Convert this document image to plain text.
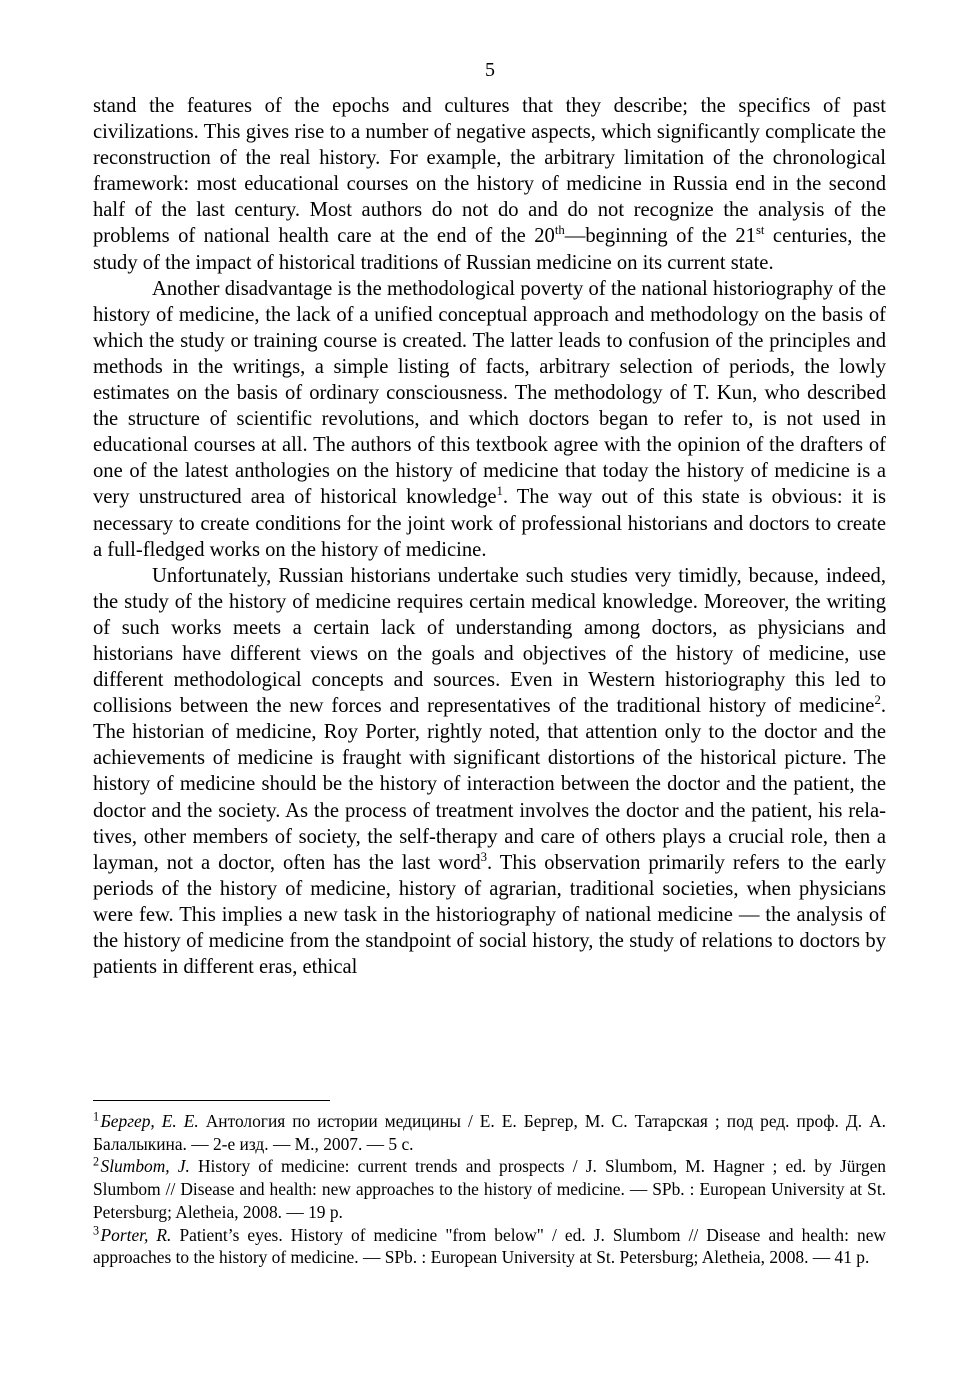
5

stand the features of the epochs and cultures that they describe; the specifics of past civilizations. This gives rise to a number of negative aspects, which significantly complicate the reconstruction of the real history. For example, the arbitrary limitation of the chronological framework: most educational courses on the history of medicine in Russia end in the second half of the last century. Most authors do not do and do not recognize the analysis of the problems of national health care at the end of the 20th—beginning of the 21st centuries, the study of the impact of historical traditions of Russian medicine on its current state.

Another disadvantage is the methodological poverty of the national historiography of the history of medicine, the lack of a unified conceptual approach and methodology on the basis of which the study or training course is created. The latter leads to confusion of the principles and methods in the writings, a simple listing of facts, arbitrary selection of periods, the lowly estimates on the basis of ordinary consciousness. The methodology of T. Kun, who described the structure of scientific revolutions, and which doctors began to refer to, is not used in educational courses at all. The authors of this textbook agree with the opinion of the drafters of one of the latest anthologies on the history of medicine that today the history of medicine is a very unstructured area of historical knowledge$^1$. The way out of this state is obvious: it is necessary to create conditions for the joint work of professional historians and doctors to create a full-fledged works on the history of medicine.

Unfortunately, Russian historians undertake such studies very timidly, because, indeed, the study of the history of medicine requires certain medical knowledge. Moreover, the writing of such works meets a certain lack of understanding among doctors, as physicians and historians have different views on the goals and objectives of the history of medicine, use different methodological concepts and sources. Even in Western historiography this led to collisions between the new forces and representatives of the traditional history of medicine$^2$. The historian of medicine, Roy Porter, rightly noted, that attention only to the doctor and the achievements of medicine is fraught with significant distortions of the historical picture. The history of medicine should be the history of interaction between the doctor and the patient, the doctor and the society. As the process of treatment involves the doctor and the patient, his relatives, other members of society, the self-therapy and care of others plays a crucial role, then a layman, not a doctor, often has the last word$^3$. This observation primarily refers to the early periods of the history of medicine, history of agrarian, traditional societies, when physicians were few. This implies a new task in the historiography of national medicine — the analysis of the history of medicine from the standpoint of social history, the study of relations to doctors by patients in different eras, ethical

$^1$ Бергер, Е. Е. Антология по истории медицины / Е. Е. Бергер, М. С. Татарская ; под ред. проф. Д. А. Балалыкина. — 2-е изд. — М., 2007. — 5 с.

$^2$ Slumbom, J. History of medicine: current trends and prospects / J. Slumbom, M. Hagner ; ed. by Jürgen Slumbom // Disease and health: new approaches to the history of medicine. — SPb. : European University at St. Petersburg; Aletheia, 2008. — 19 p.

$^3$ Porter, R. Patient’s eyes. History of medicine "from below" / ed. J. Slumbom // Disease and health: new approaches to the history of medicine. — SPb. : European University at St. Petersburg; Aletheia, 2008. — 41 p.
